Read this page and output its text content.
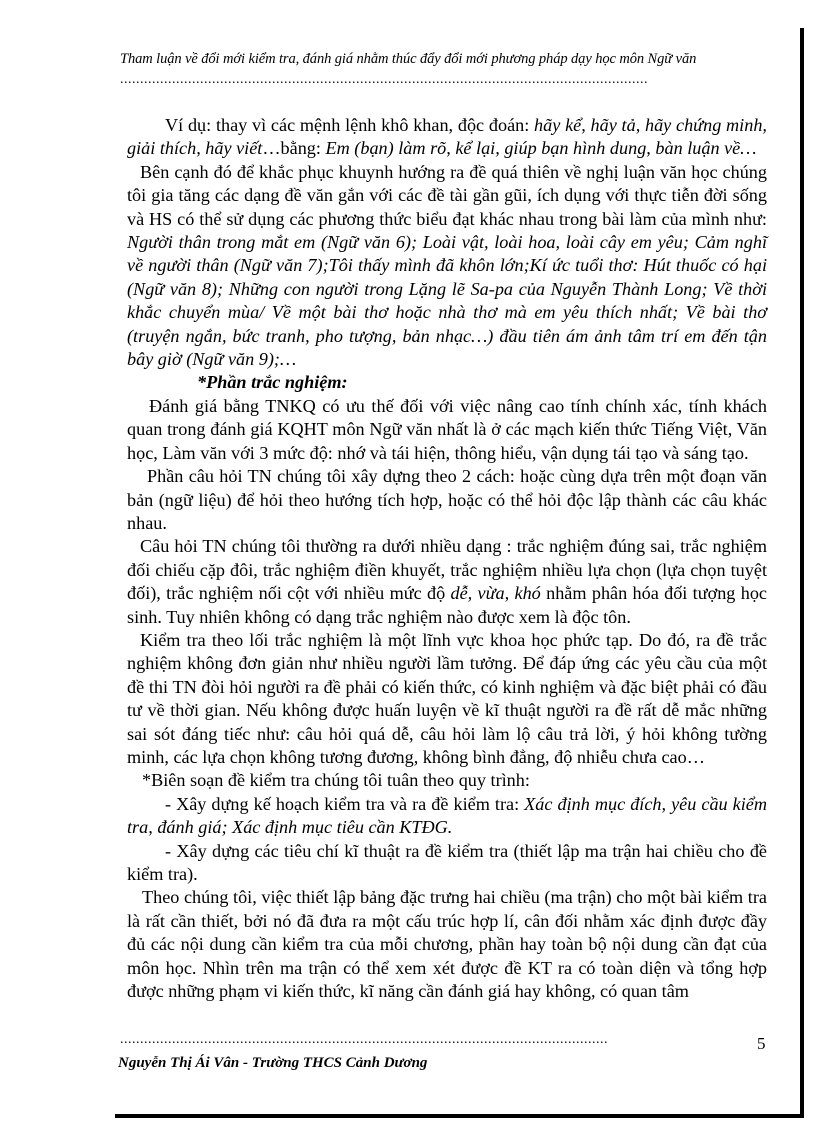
Tham luận về đổi mới kiểm tra, đánh giá nhằm thúc đẩy đổi mới phương pháp dạy học môn Ngữ văn
....................................................................................................................................

Ví dụ: thay vì các mệnh lệnh khô khan, độc đoán: hãy kể, hãy tả, hãy chứng minh, giải thích, hãy viết…bằng: Em (bạn) làm rõ, kể lại, giúp bạn hình dung, bàn luận về…

Bên cạnh đó để khắc phục khuynh hướng ra đề quá thiên về nghị luận văn học chúng tôi gia tăng các dạng đề văn gắn với các đề tài gần gũi, ích dụng với thực tiễn đời sống và HS có thể sử dụng các phương thức biểu đạt khác nhau trong bài làm của mình như: Người thân trong mắt em (Ngữ văn 6); Loài vật, loài hoa, loài cây em yêu; Cảm nghĩ về người thân (Ngữ văn 7);Tôi thấy mình đã khôn lớn;Kí ức tuổi thơ: Hút thuốc có hại (Ngữ văn 8); Những con người trong Lặng lẽ Sa-pa của Nguyễn Thành Long; Về thời khắc chuyển mùa/ Về một bài thơ hoặc nhà thơ mà em yêu thích nhất; Về bài thơ (truyện ngắn, bức tranh, pho tượng, bản nhạc…) đầu tiên ám ảnh tâm trí em đến tận bây giờ (Ngữ văn 9);…

*Phần trắc nghiệm:

Đánh giá bằng TNKQ có ưu thế đối với việc nâng cao tính chính xác, tính khách quan trong đánh giá KQHT môn Ngữ văn nhất là ở các mạch kiến thức Tiếng Việt, Văn học, Làm văn với 3 mức độ: nhớ và tái hiện, thông hiểu, vận dụng tái tạo và sáng tạo.

Phần câu hỏi TN chúng tôi xây dựng theo 2 cách: hoặc cùng dựa trên một đoạn văn bản (ngữ liệu) để hỏi theo hướng tích hợp, hoặc có thể hỏi độc lập thành các câu khác nhau.

Câu hỏi TN chúng tôi thường ra dưới nhiều dạng : trắc nghiệm đúng sai, trắc nghiệm đối chiếu cặp đôi, trắc nghiệm điền khuyết, trắc nghiệm nhiều lựa chọn (lựa chọn tuyệt đối), trắc nghiệm nối cột với nhiều mức độ dễ, vừa, khó nhằm phân hóa đối tượng học sinh. Tuy nhiên không có dạng trắc nghiệm nào được xem là độc tôn.

Kiểm tra theo lối trắc nghiệm là một lĩnh vực khoa học phức tạp. Do đó, ra đề trắc nghiệm không đơn giản như nhiều người lầm tưởng. Để đáp ứng các yêu cầu của một đề thi TN đòi hỏi người ra đề phải có kiến thức, có kinh nghiệm và đặc biệt phải có đầu tư về thời gian. Nếu không được huấn luyện về kĩ thuật người ra đề rất dễ mắc những sai sót đáng tiếc như: câu hỏi quá dễ, câu hỏi làm lộ câu trả lời, ý hỏi không tường minh, các lựa chọn không tương đương, không bình đẳng, độ nhiễu chưa cao…

*Biên soạn đề kiểm tra chúng tôi tuân theo quy trình:

- Xây dựng kế hoạch kiểm tra và ra đề kiểm tra: Xác định mục đích, yêu cầu kiểm tra, đánh giá; Xác định mục tiêu cần KTĐG.

- Xây dựng các tiêu chí kĩ thuật ra đề kiểm tra (thiết lập ma trận hai chiều cho đề kiểm tra).

Theo chúng tôi, việc thiết lập bảng đặc trưng hai chiều (ma trận) cho một bài kiểm tra là rất cần thiết, bởi nó đã đưa ra một cấu trúc hợp lí, cân đối nhằm xác định được đầy đủ các nội dung cần kiểm tra của mỗi chương, phần hay toàn bộ nội dung cần đạt của môn học. Nhìn trên ma trận có thể xem xét được đề KT ra có toàn diện và tổng hợp được những phạm vi kiến thức, kĩ năng cần đánh giá hay không, có quan tâm

..........................................................................................................................	5
Nguyễn Thị Ái Vân - Trường THCS Cảnh Dương
